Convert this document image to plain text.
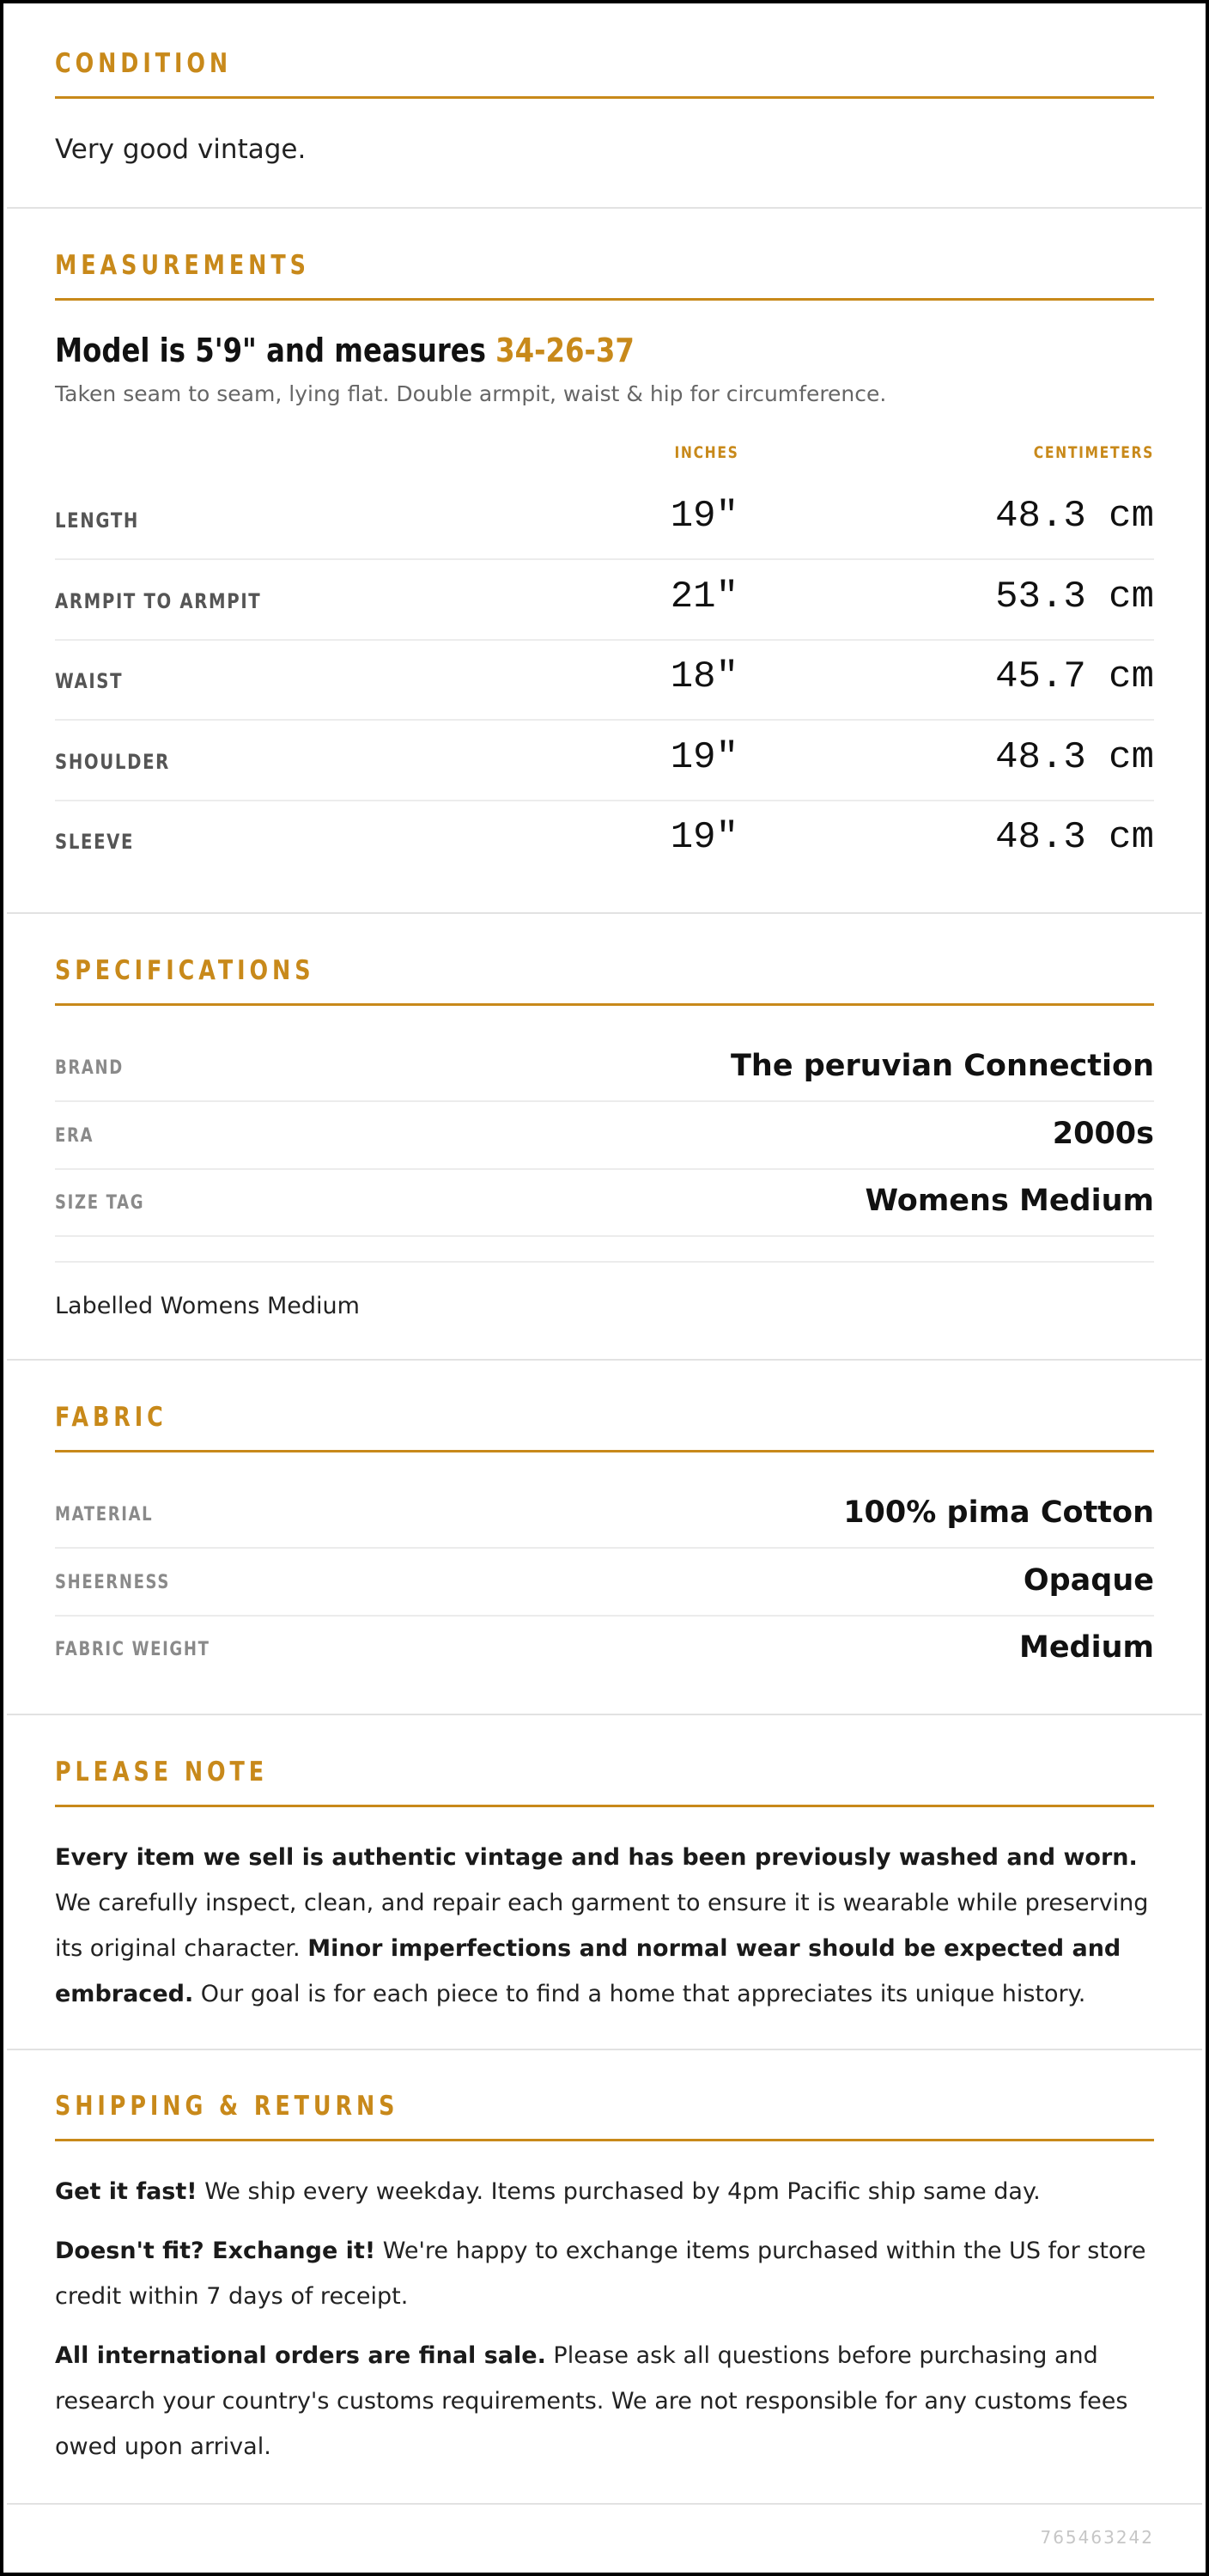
CONDITION
Very good vintage.
MEASUREMENTS
Model is 5'9" and measures 34-26-37
Taken seam to seam, lying flat. Double armpit, waist & hip for circumference.
INCHES	CENTIMETERS
LENGTH	19"	48.3 cm
ARMPIT TO ARMPIT	21"	53.3 cm
WAIST	18"	45.7 cm
SHOULDER	19"	48.3 cm
SLEEVE	19"	48.3 cm
SPECIFICATIONS
BRAND	The peruvian Connection
ERA	2000s
SIZE TAG	Womens Medium
Labelled Womens Medium
FABRIC
MATERIAL	100% pima Cotton
SHEERNESS	Opaque
FABRIC WEIGHT	Medium
PLEASE NOTE
Every item we sell is authentic vintage and has been previously washed and worn. We carefully inspect, clean, and repair each garment to ensure it is wearable while preserving its original character. Minor imperfections and normal wear should be expected and embraced. Our goal is for each piece to find a home that appreciates its unique history.
SHIPPING & RETURNS
Get it fast! We ship every weekday. Items purchased by 4pm Pacific ship same day.
Doesn't fit? Exchange it! We're happy to exchange items purchased within the US for store credit within 7 days of receipt.
All international orders are final sale. Please ask all questions before purchasing and research your country's customs requirements. We are not responsible for any customs fees owed upon arrival.
765463242
